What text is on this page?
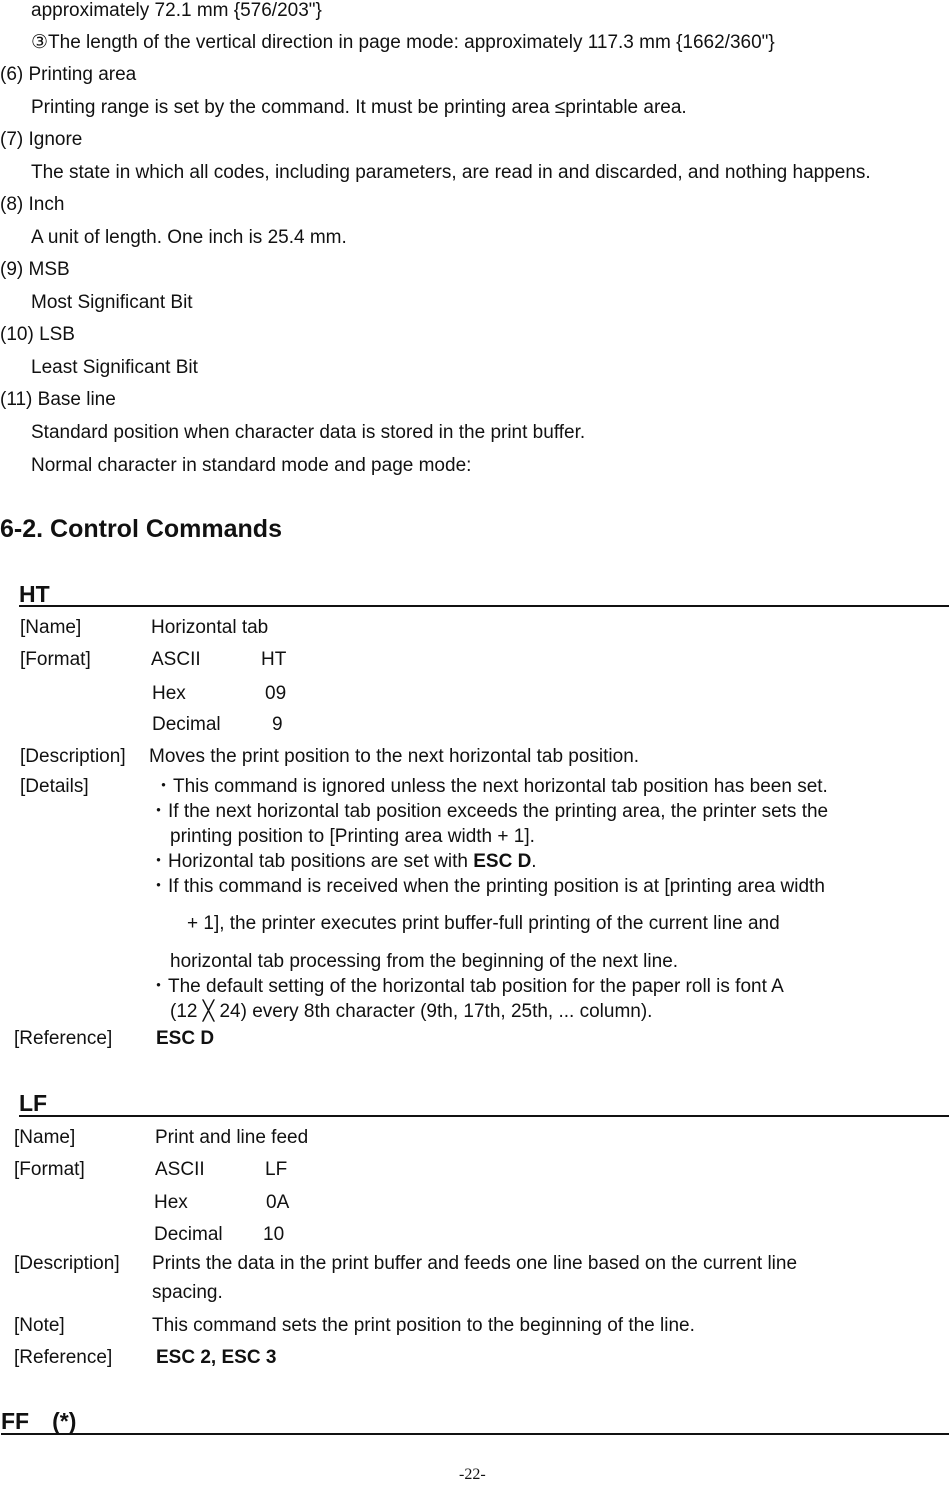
approximately 72.1 mm {576/203"}
③The length of the vertical direction in page mode: approximately 117.3 mm {1662/360"}
(6) Printing area
Printing range is set by the command. It must be printing area ≤printable area.
(7) Ignore
The state in which all codes, including parameters, are read in and discarded, and nothing happens.
(8) Inch
A unit of length. One inch is 25.4 mm.
(9) MSB
Most Significant Bit
(10) LSB
Least Significant Bit
(11) Base line
Standard position when character data is stored in the print buffer.
Normal character in standard mode and page mode:
6-2. Control Commands
HT
[Name]	Horizontal tab
[Format]	ASCII	HT
Hex	09
Decimal	9
[Description] Moves the print position to the next horizontal tab position.
[Details]	・This command is ignored unless the next horizontal tab position has been set.
・If the next horizontal tab position exceeds the printing area, the printer sets the
printing position to [Printing area width + 1].
・Horizontal tab positions are set with ESC D.
・If this command is received when the printing position is at [printing area width
+ 1], the printer executes print buffer-full printing of the current line and
horizontal tab processing from the beginning of the next line.
・The default setting of the horizontal tab position for the paper roll is font A
(12 ╳ 24) every 8th character (9th, 17th, 25th, ... column).
[Reference] ESC D
LF
[Name]	Print and line feed
[Format]	ASCII	LF
Hex	0A
Decimal 10
[Description] Prints the data in the print buffer and feeds one line based on the current line
spacing.
[Note]	This command sets the print position to the beginning of the line.
[Reference] ESC 2, ESC 3
FF　(*)
-22-
